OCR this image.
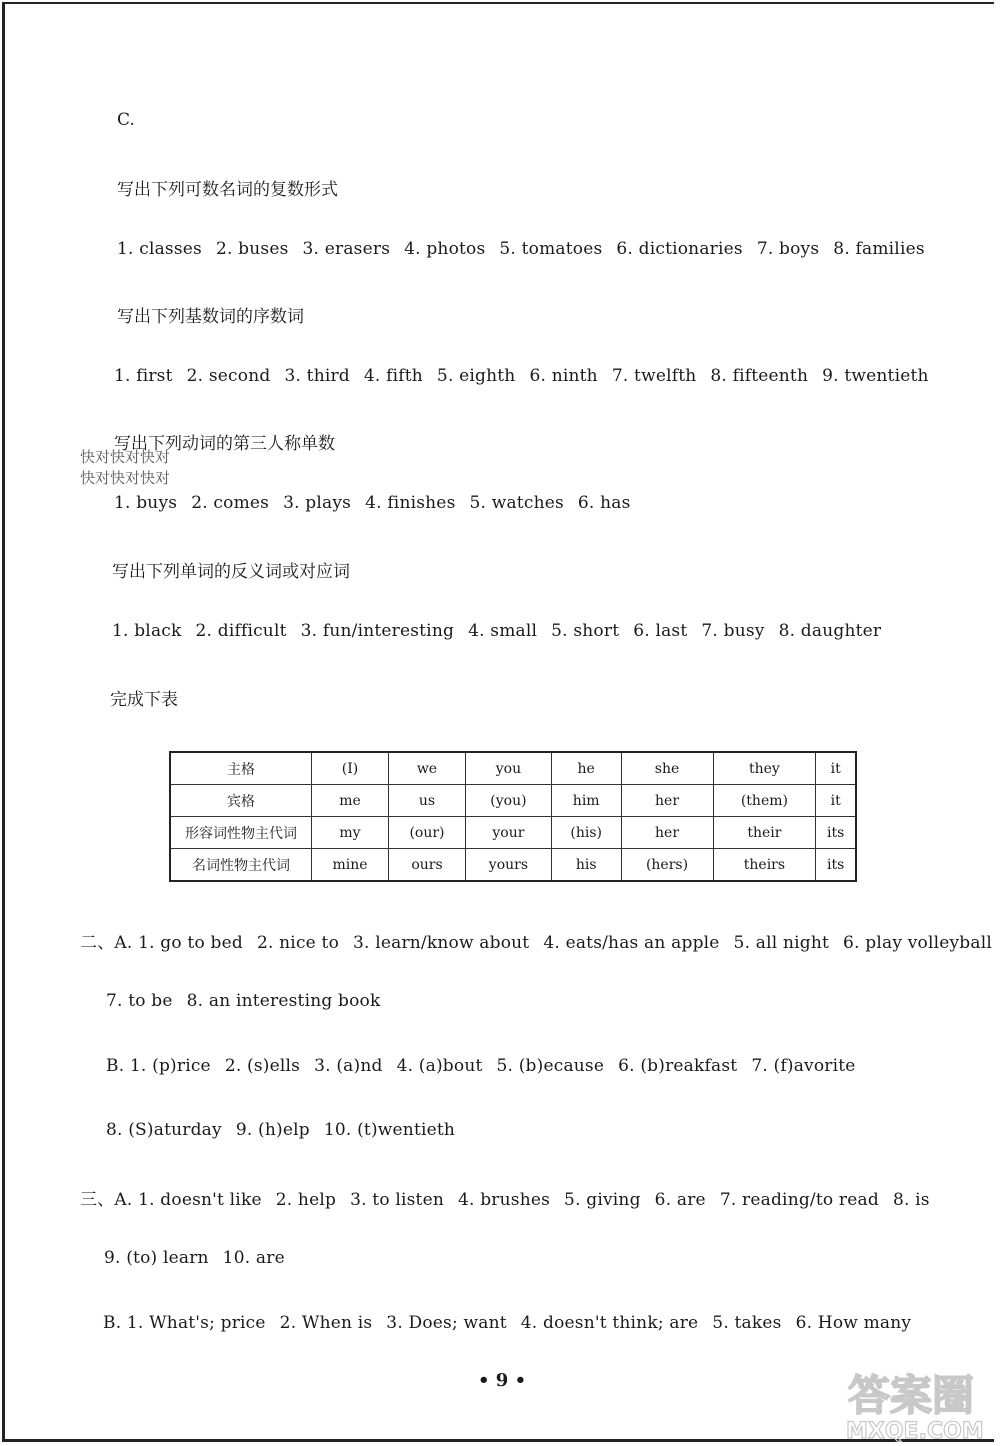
C.
写出下列可数名词的复数形式
1. classes 2. buses 3. erasers 4. photos 5. tomatoes 6. dictionaries 7. boys 8. families
写出下列基数词的序数词
1. first 2. second 3. third 4. fifth 5. eighth 6. ninth 7. twelfth 8. fifteenth 9. twentieth
写出下列动词的第三人称单数
快对快对快对
快对快对快对
1. buys 2. comes 3. plays 4. finishes 5. watches 6. has
写出下列单词的反义词或对应词
1. black 2. difficult 3. fun/interesting 4. small 5. short 6. last 7. busy 8. daughter
完成下表
主格	(I)	we	you	he	she	they	it
宾格	me	us	(you)	him	her	(them)	it
形容词性物主代词	my	(our)	your	(his)	her	their	its
名词性物主代词	mine	ours	yours	his	(hers)	theirs	its
二、A. 1. go to bed 2. nice to 3. learn/know about 4. eats/has an apple 5. all night 6. play volleyball
7. to be 8. an interesting book
B. 1. (p)rice 2. (s)ells 3. (a)nd 4. (a)bout 5. (b)ecause 6. (b)reakfast 7. (f)avorite
8. (S)aturday 9. (h)elp 10. (t)wentieth
三、A. 1. doesn't like 2. help 3. to listen 4. brushes 5. giving 6. are 7. reading/to read 8. is
9. (to) learn 10. are
B. 1. What's; price 2. When is 3. Does; want 4. doesn't think; are 5. takes 6. How many
• 9 •	答案圈
MXQE.COM
